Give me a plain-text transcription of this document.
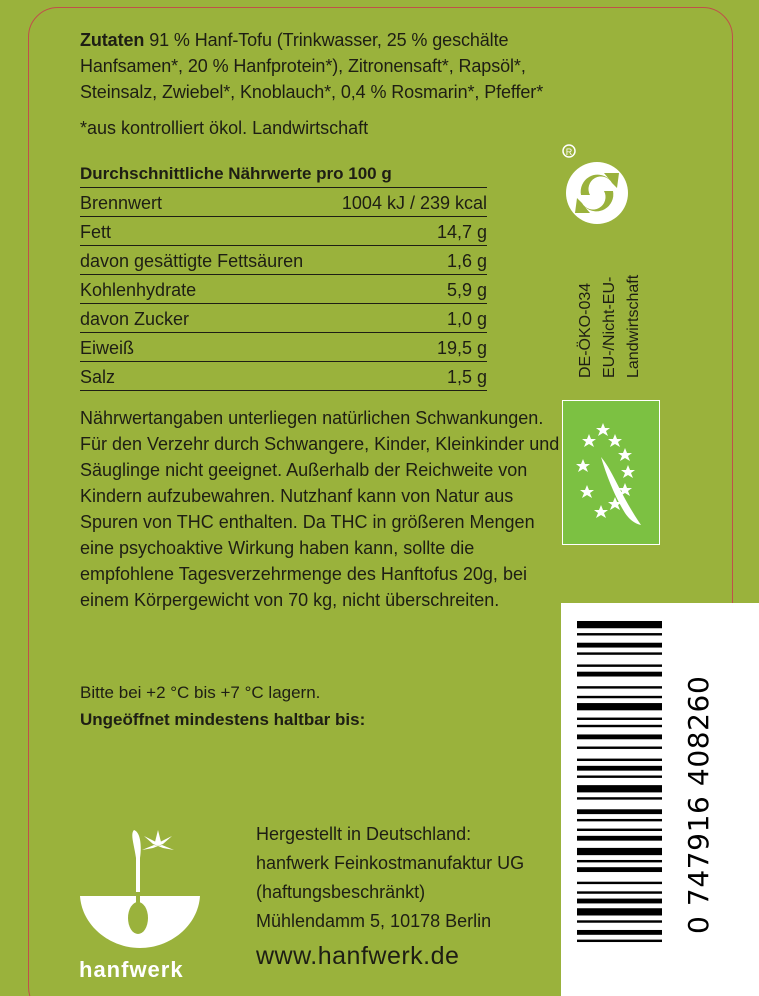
Zutaten 91 % Hanf-Tofu (Trinkwasser, 25 % geschälte Hanfsamen*, 20 % Hanfprotein*), Zitronensaft*, Rapsöl*, Steinsalz, Zwiebel*, Knoblauch*, 0,4 % Rosmarin*, Pfeffer*
*aus kontrolliert ökol. Landwirtschaft
Durchschnittliche Nährwerte pro 100 g
Brennwert	1004 kJ / 239 kcal
Fett	14,7 g
davon gesättigte Fettsäuren	1,6 g
Kohlenhydrate	5,9 g
davon Zucker	1,0 g
Eiweiß	19,5 g
Salz	1,5 g
Nährwertangaben unterliegen natürlichen Schwankungen. Für den Verzehr durch Schwangere, Kinder, Kleinkinder und Säuglinge nicht geeignet. Außerhalb der Reichweite von Kindern aufzubewahren. Nutzhanf kann von Natur aus Spuren von THC enthalten. Da THC in größeren Mengen eine psychoaktive Wirkung haben kann, sollte die empfohlene Tagesverzehrmenge des Hanftofus 20g, bei einem Körpergewicht von 70 kg, nicht überschreiten.
Bitte bei +2 °C bis +7 °C lagern.
Ungeöffnet mindestens haltbar bis:
Hergestellt in Deutschland:
hanfwerk Feinkostmanufaktur UG
(haftungsbeschränkt)
Mühlendamm 5, 10178 Berlin
www.hanfwerk.de
R
DE-ÖKO-034 EU-/Nicht-EU- Landwirtschaft
0 747916 408260
hanfwerk
